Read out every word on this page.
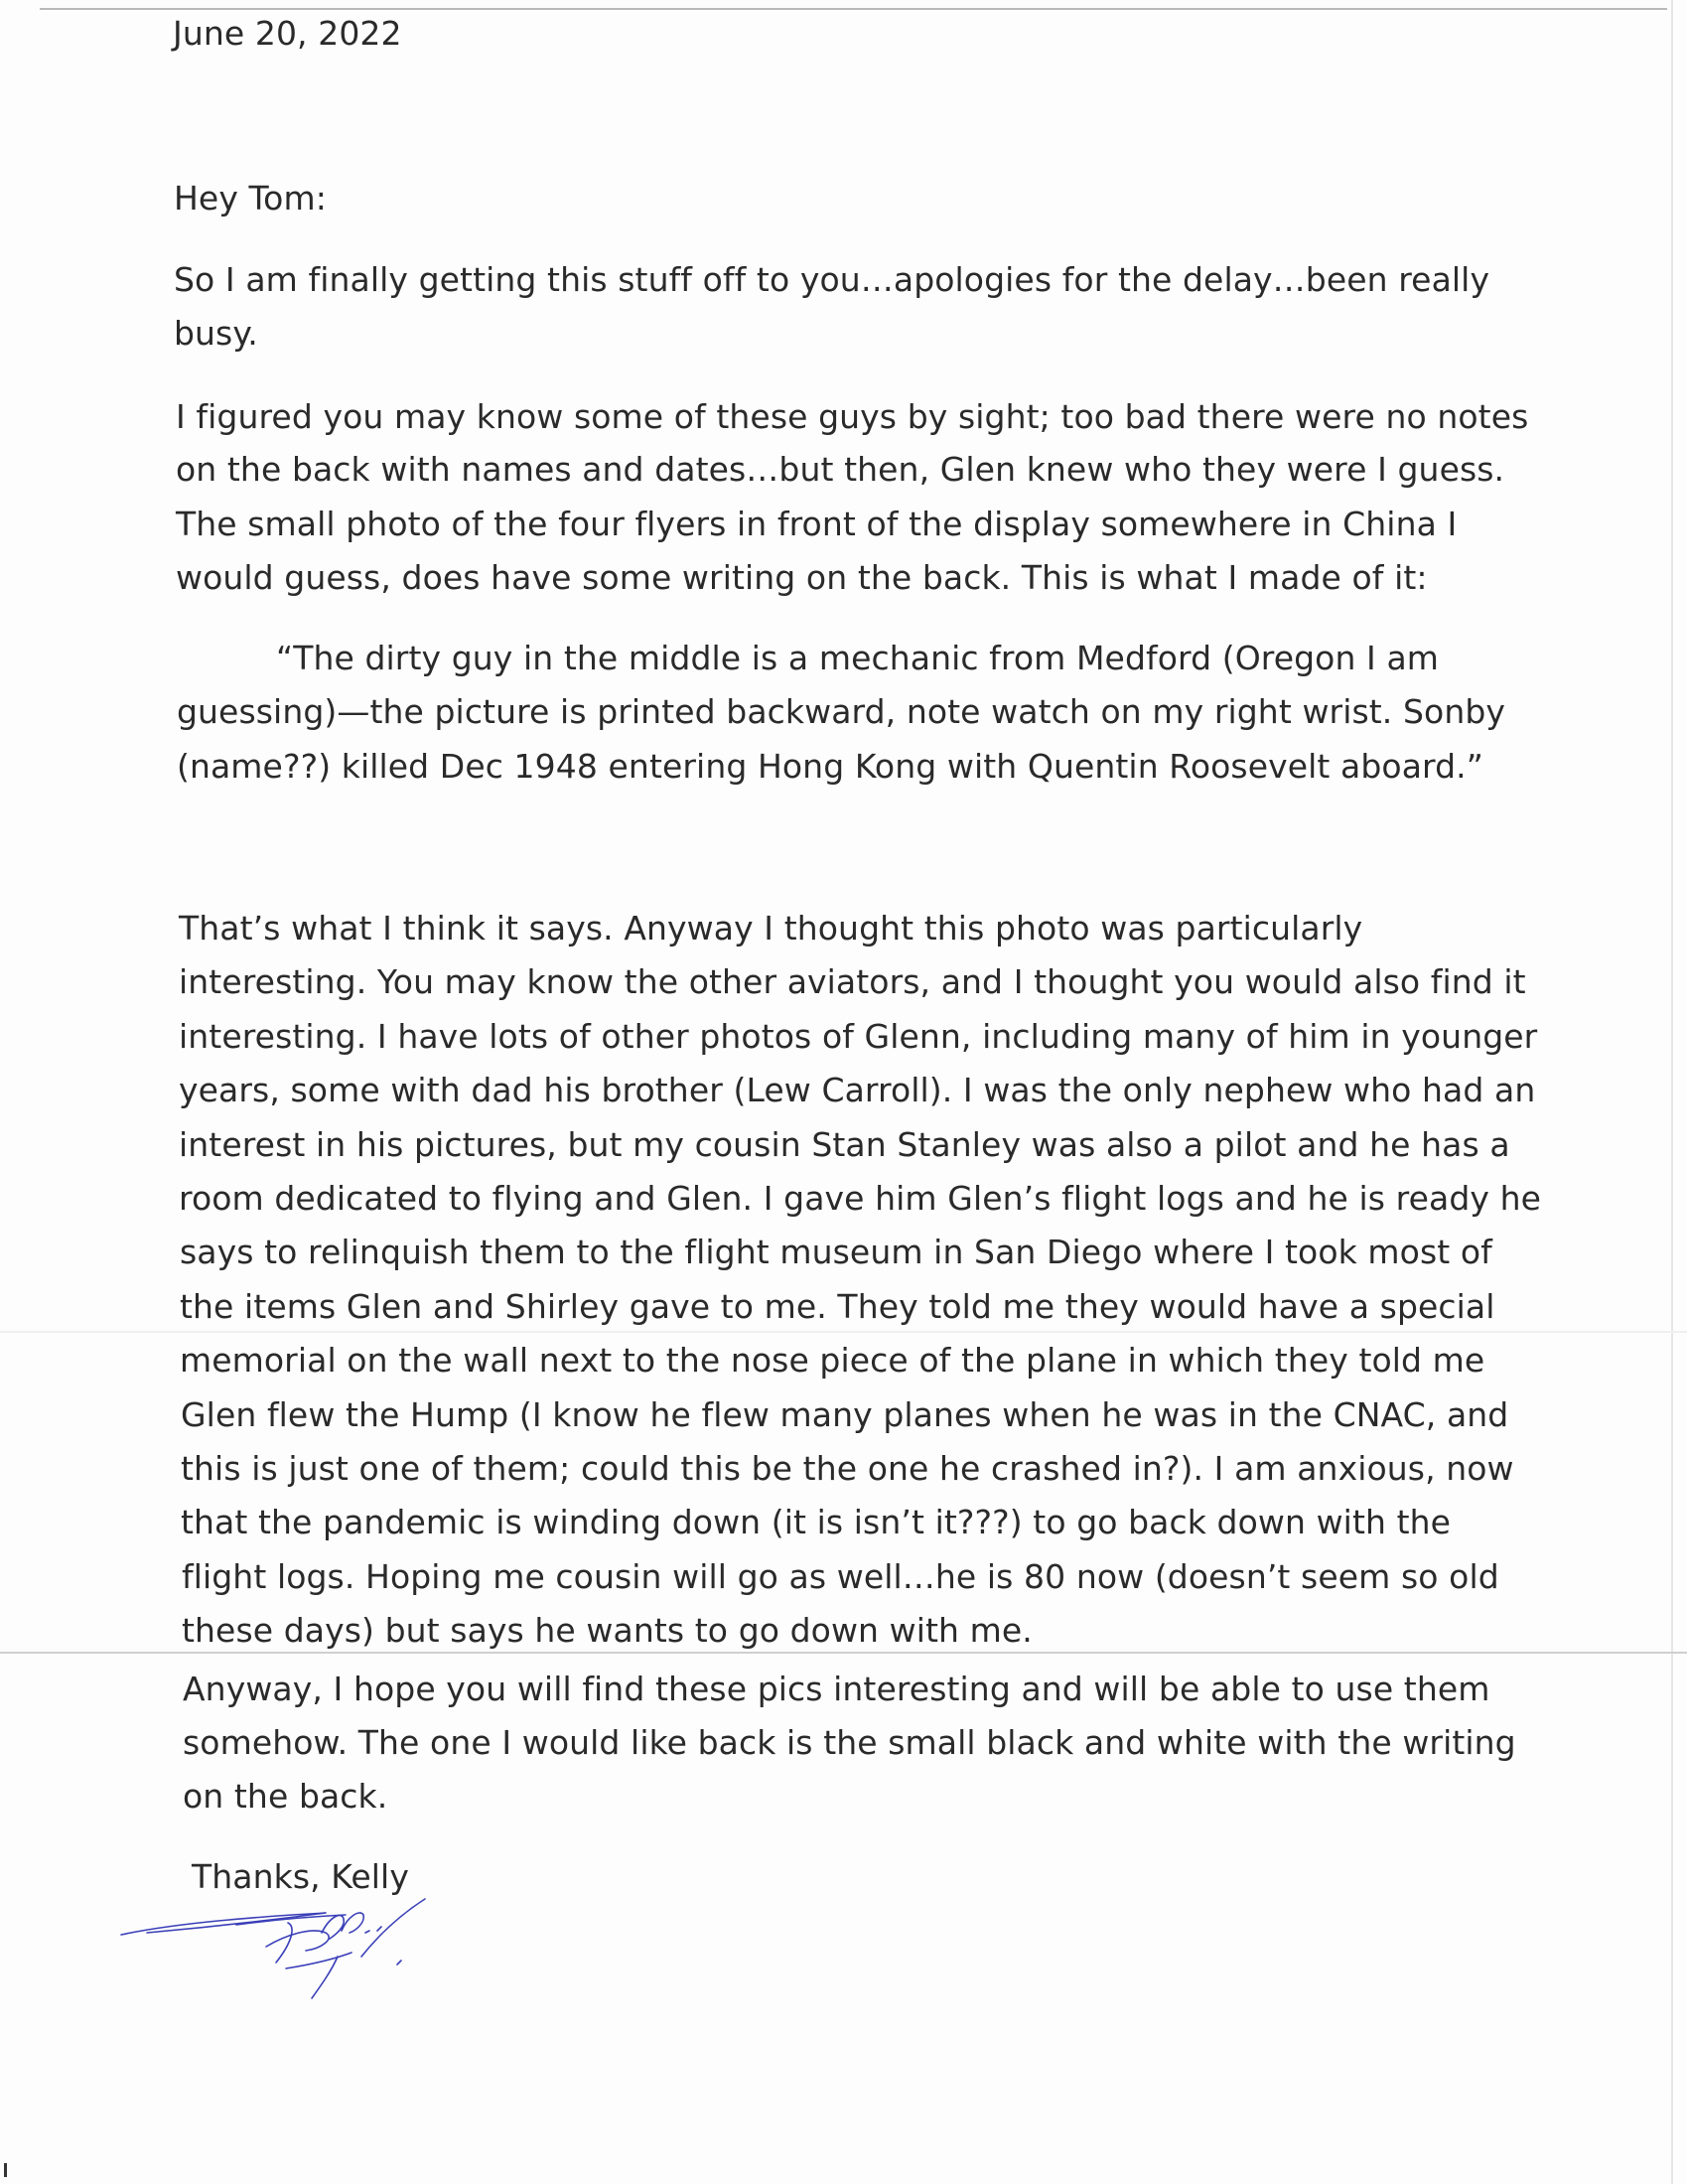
June 20, 2022
Hey Tom:
So I am finally getting this stuff off to you…apologies for the delay…been really
busy.
I figured you may know some of these guys by sight; too bad there were no notes
on the back with names and dates…but then, Glen knew who they were I guess.
The small photo of the four flyers in front of the display somewhere in China I
would guess, does have some writing on the back. This is what I made of it:
“The dirty guy in the middle is a mechanic from Medford (Oregon I am
guessing)—the picture is printed backward, note watch on my right wrist. Sonby
(name??) killed Dec 1948 entering Hong Kong with Quentin Roosevelt aboard.”
That’s what I think it says. Anyway I thought this photo was particularly
interesting. You may know the other aviators, and I thought you would also find it
interesting. I have lots of other photos of Glenn, including many of him in younger
years, some with dad his brother (Lew Carroll). I was the only nephew who had an
interest in his pictures, but my cousin Stan Stanley was also a pilot and he has a
room dedicated to flying and Glen. I gave him Glen’s flight logs and he is ready he
says to relinquish them to the flight museum in San Diego where I took most of
the items Glen and Shirley gave to me. They told me they would have a special
memorial on the wall next to the nose piece of the plane in which they told me
Glen flew the Hump (I know he flew many planes when he was in the CNAC, and
this is just one of them; could this be the one he crashed in?). I am anxious, now
that the pandemic is winding down (it is isn’t it???) to go back down with the
flight logs. Hoping me cousin will go as well…he is 80 now (doesn’t seem so old
these days) but says he wants to go down with me.
Anyway, I hope you will find these pics interesting and will be able to use them
somehow. The one I would like back is the small black and white with the writing
on the back.
Thanks, Kelly
